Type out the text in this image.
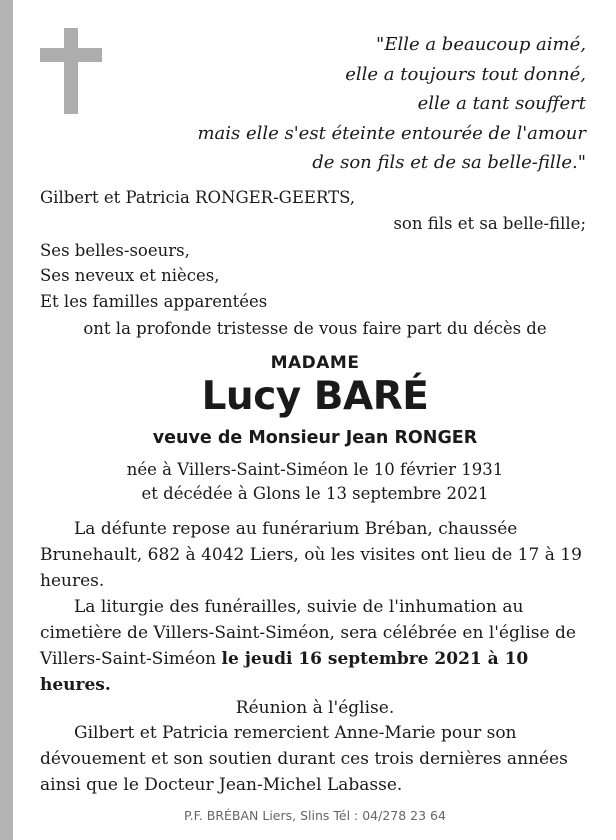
"Elle a beaucoup aimé,
elle a toujours tout donné,
elle a tant souffert
mais elle s'est éteinte entourée de l'amour
de son fils et de sa belle-fille."
Gilbert et Patricia RONGER-GEERTS,
son fils et sa belle-fille;
Ses belles-soeurs,
Ses neveux et nièces,
Et les familles apparentées
ont la profonde tristesse de vous faire part du décès de
MADAME
Lucy BARÉ
veuve de Monsieur Jean RONGER
née à Villers-Saint-Siméon le 10 février 1931
et décédée à Glons le 13 septembre 2021
La défunte repose au funérarium Bréban, chaussée Brunehault, 682 à 4042 Liers, où les visites ont lieu de 17 à 19 heures.
La liturgie des funérailles, suivie de l'inhumation au cimetière de Villers-Saint-Siméon, sera célébrée en l'église de Villers-Saint-Siméon le jeudi 16 septembre 2021 à 10 heures.
Réunion à l'église.
Gilbert et Patricia remercient Anne-Marie pour son dévouement et son soutien durant ces trois dernières années ainsi que le Docteur Jean-Michel Labasse.
P.F. BRÉBAN Liers, Slins Tél : 04/278 23 64
